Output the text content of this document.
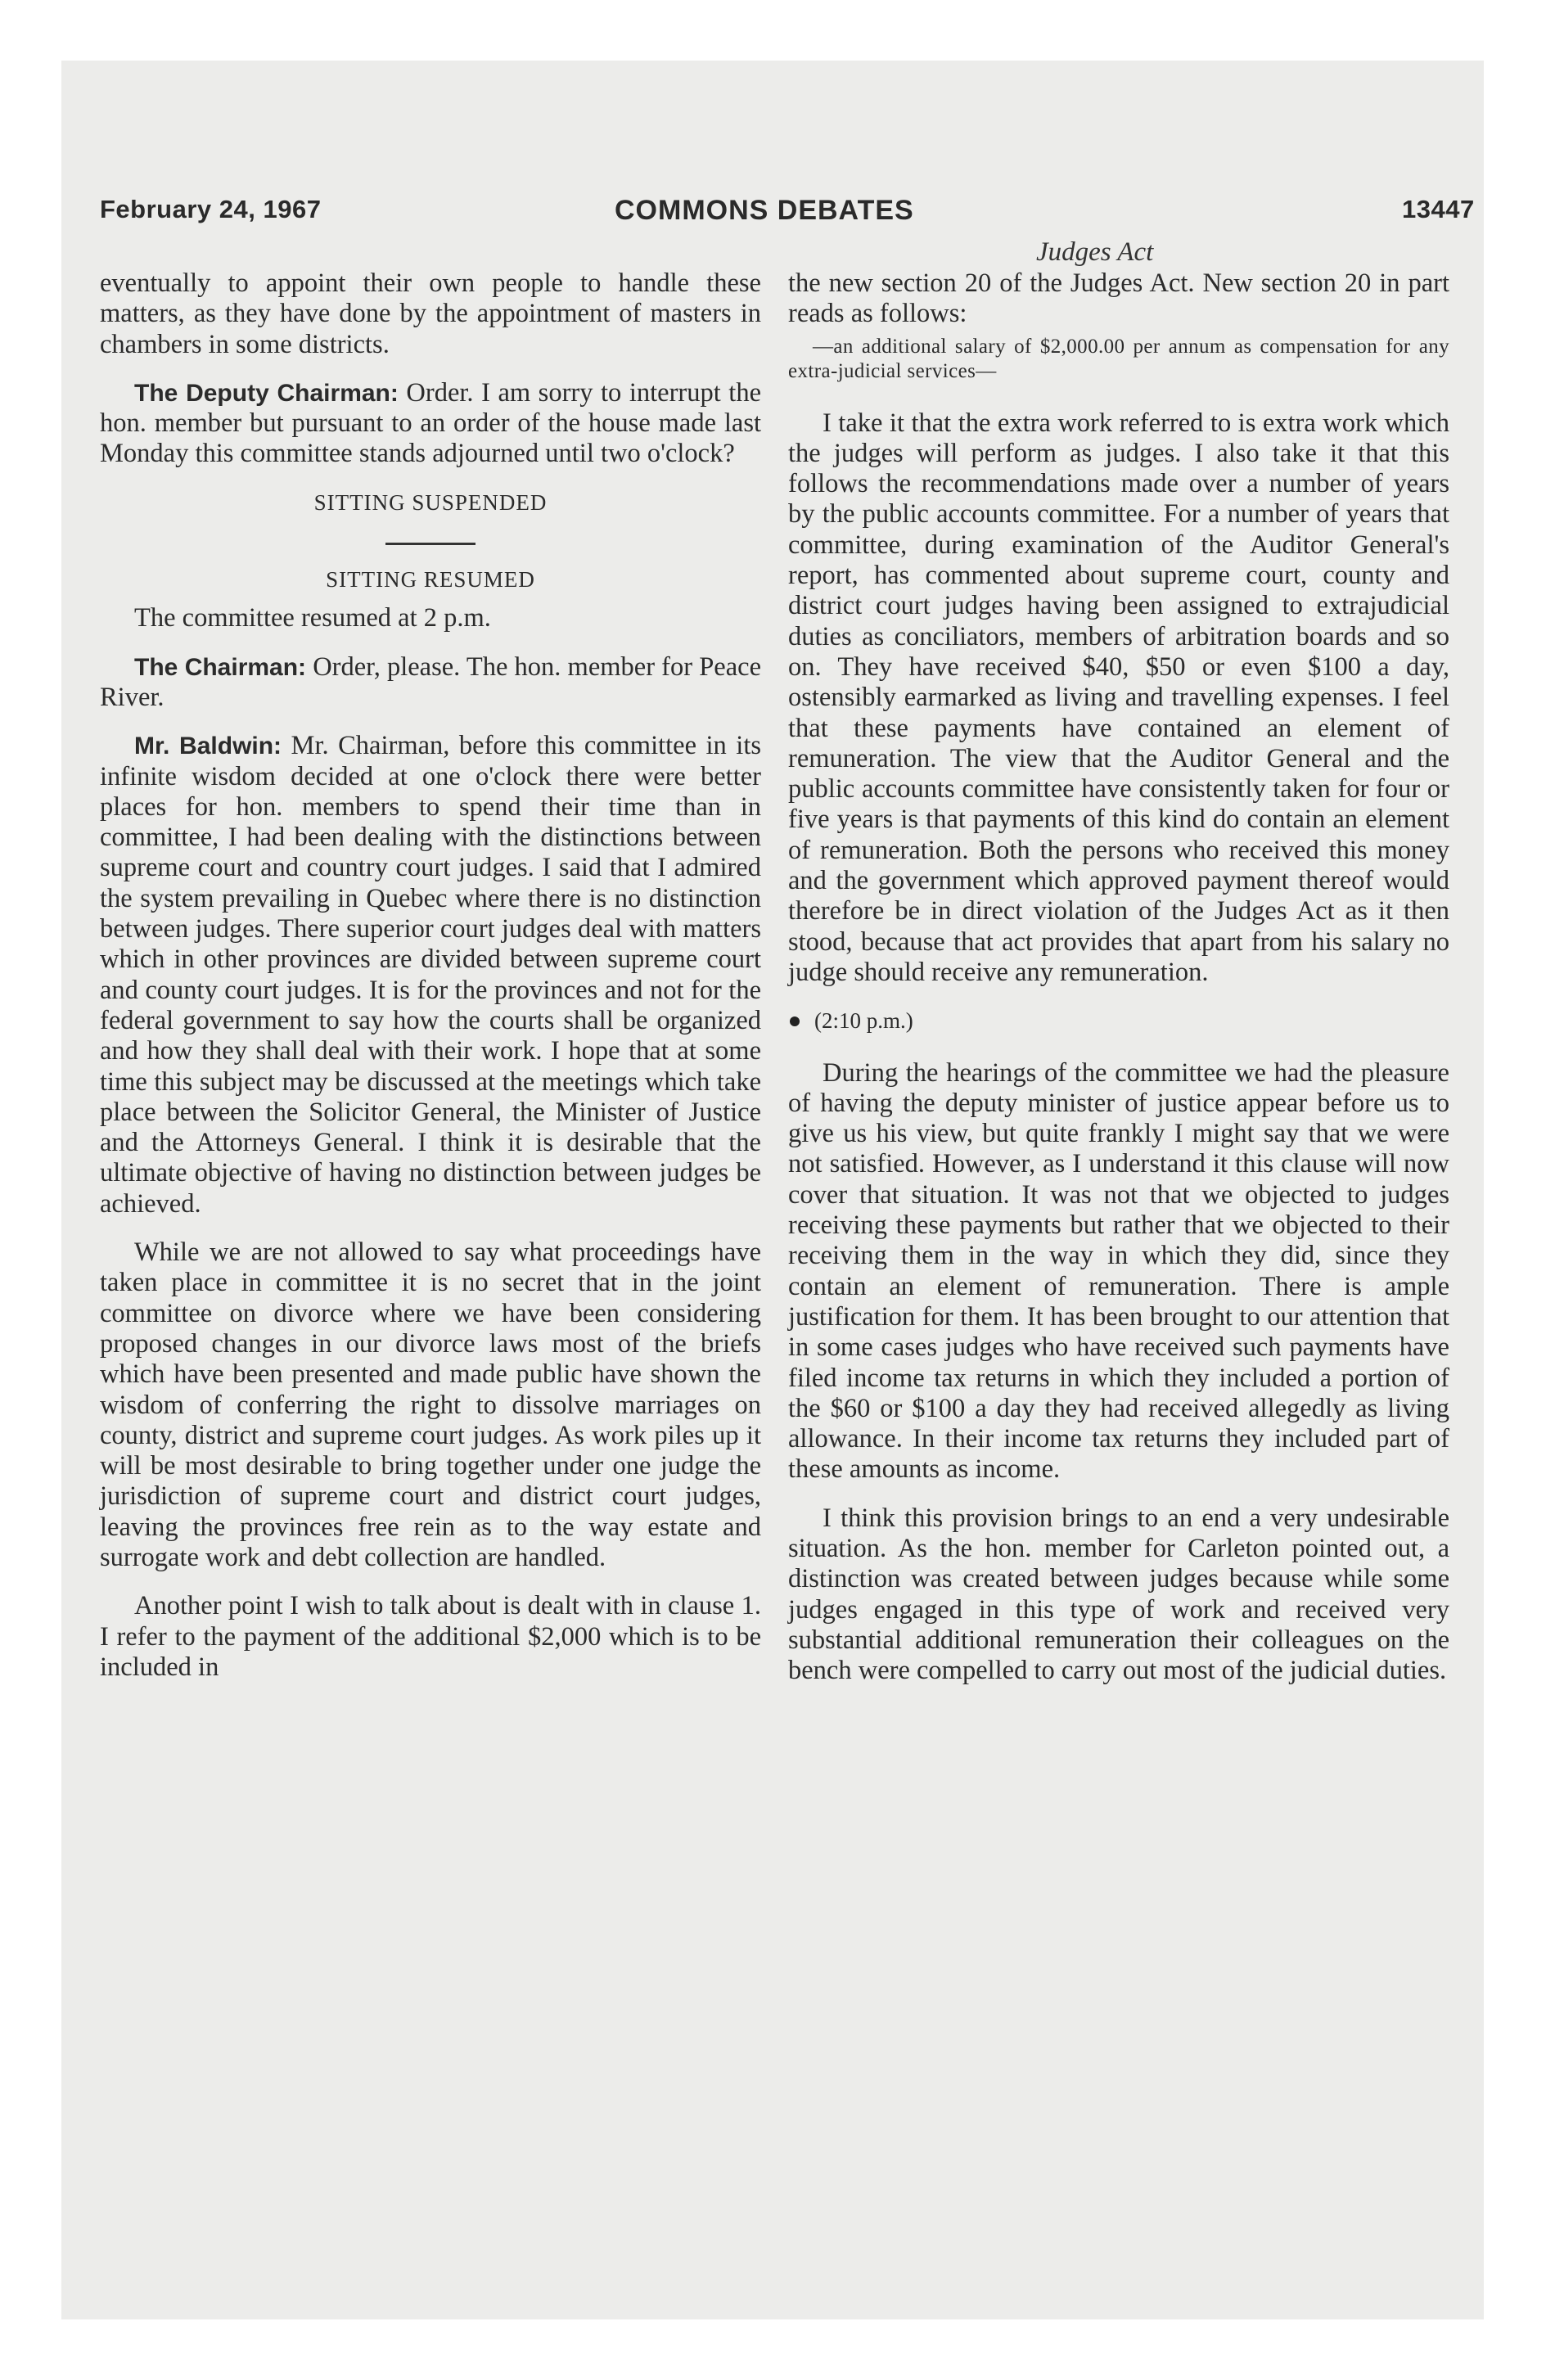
February 24, 1967	COMMONS DEBATES	13447
Judges Act

eventually to appoint their own people to handle these matters, as they have done by the appointment of masters in chambers in some districts.

The Deputy Chairman: Order. I am sorry to interrupt the hon. member but pursuant to an order of the house made last Monday this committee stands adjourned until two o'clock?

SITTING SUSPENDED
SITTING RESUMED

The committee resumed at 2 p.m.

The Chairman: Order, please. The hon. member for Peace River.

Mr. Baldwin: Mr. Chairman, before this committee in its infinite wisdom decided at one o'clock there were better places for hon. members to spend their time than in committee, I had been dealing with the distinctions between supreme court and country court judges. I said that I admired the system prevailing in Quebec where there is no distinction between judges. There superior court judges deal with matters which in other provinces are divided between supreme court and county court judges. It is for the provinces and not for the federal government to say how the courts shall be organized and how they shall deal with their work. I hope that at some time this subject may be discussed at the meetings which take place between the Solicitor General, the Minister of Justice and the Attorneys General. I think it is desirable that the ultimate objective of having no distinction between judges be achieved.

While we are not allowed to say what proceedings have taken place in committee it is no secret that in the joint committee on divorce where we have been considering proposed changes in our divorce laws most of the briefs which have been presented and made public have shown the wisdom of conferring the right to dissolve marriages on county, district and supreme court judges. As work piles up it will be most desirable to bring together under one judge the jurisdiction of supreme court and district court judges, leaving the provinces free rein as to the way estate and surrogate work and debt collection are handled.

Another point I wish to talk about is dealt with in clause 1. I refer to the payment of the additional $2,000 which is to be included in

the new section 20 of the Judges Act. New section 20 in part reads as follows:

—an additional salary of $2,000.00 per annum as compensation for any extra-judicial services—

I take it that the extra work referred to is extra work which the judges will perform as judges. I also take it that this follows the recommendations made over a number of years by the public accounts committee. For a number of years that committee, during examination of the Auditor General's report, has commented about supreme court, county and district court judges having been assigned to extrajudicial duties as conciliators, members of arbitration boards and so on. They have received $40, $50 or even $100 a day, ostensibly earmarked as living and travelling expenses. I feel that these payments have contained an element of remuneration. The view that the Auditor General and the public accounts committee have consistently taken for four or five years is that payments of this kind do contain an element of remuneration. Both the persons who received this money and the government which approved payment thereof would therefore be in direct violation of the Judges Act as it then stood, because that act provides that apart from his salary no judge should receive any remuneration.

(2:10 p.m.)

During the hearings of the committee we had the pleasure of having the deputy minister of justice appear before us to give us his view, but quite frankly I might say that we were not satisfied. However, as I understand it this clause will now cover that situation. It was not that we objected to judges receiving these payments but rather that we objected to their receiving them in the way in which they did, since they contain an element of remuneration. There is ample justification for them. It has been brought to our attention that in some cases judges who have received such payments have filed income tax returns in which they included a portion of the $60 or $100 a day they had received allegedly as living allowance. In their income tax returns they included part of these amounts as income.

I think this provision brings to an end a very undesirable situation. As the hon. member for Carleton pointed out, a distinction was created between judges because while some judges engaged in this type of work and received very substantial additional remuneration their colleagues on the bench were compelled to carry out most of the judicial duties.
